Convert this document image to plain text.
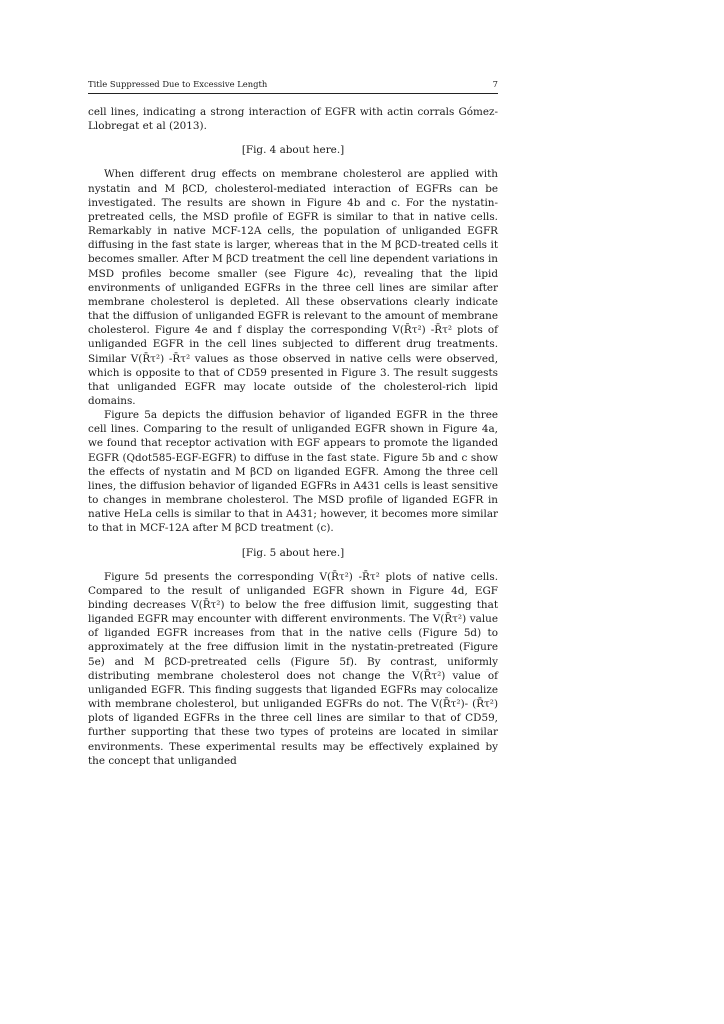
Title Suppressed Due to Excessive Length	7

cell lines, indicating a strong interaction of EGFR with actin corrals Gómez-Llobregat et al (2013).

[Fig. 4 about here.]

When different drug effects on membrane cholesterol are applied with nystatin and M βCD, cholesterol-mediated interaction of EGFRs can be investigated. The results are shown in Figure 4b and c. For the nystatin-pretreated cells, the MSD profile of EGFR is similar to that in native cells. Remarkably in native MCF-12A cells, the population of unliganded EGFR diffusing in the fast state is larger, whereas that in the M βCD-treated cells it becomes smaller. After M βCD treatment the cell line dependent variations in MSD profiles become smaller (see Figure 4c), revealing that the lipid environments of unliganded EGFRs in the three cell lines are similar after membrane cholesterol is depleted. All these observations clearly indicate that the diffusion of unliganded EGFR is relevant to the amount of membrane cholesterol. Figure 4e and f display the corresponding V(R̄τ²) -R̄τ² plots of unliganded EGFR in the cell lines subjected to different drug treatments. Similar V(R̄τ²) -R̄τ² values as those observed in native cells were observed, which is opposite to that of CD59 presented in Figure 3. The result suggests that unliganded EGFR may locate outside of the cholesterol-rich lipid domains.

Figure 5a depicts the diffusion behavior of liganded EGFR in the three cell lines. Comparing to the result of unliganded EGFR shown in Figure 4a, we found that receptor activation with EGF appears to promote the liganded EGFR (Qdot585-EGF-EGFR) to diffuse in the fast state. Figure 5b and c show the effects of nystatin and M βCD on liganded EGFR. Among the three cell lines, the diffusion behavior of liganded EGFRs in A431 cells is least sensitive to changes in membrane cholesterol. The MSD profile of liganded EGFR in native HeLa cells is similar to that in A431; however, it becomes more similar to that in MCF-12A after M βCD treatment (c).

[Fig. 5 about here.]

Figure 5d presents the corresponding V(R̄τ²) -R̄τ² plots of native cells. Compared to the result of unliganded EGFR shown in Figure 4d, EGF binding decreases V(R̄τ²) to below the free diffusion limit, suggesting that liganded EGFR may encounter with different environments. The V(R̄τ²) value of liganded EGFR increases from that in the native cells (Figure 5d) to approximately at the free diffusion limit in the nystatin-pretreated (Figure 5e) and M βCD-pretreated cells (Figure 5f). By contrast, uniformly distributing membrane cholesterol does not change the V(R̄τ²) value of unliganded EGFR. This finding suggests that liganded EGFRs may colocalize with membrane cholesterol, but unliganded EGFRs do not. The V(R̄τ²)- (R̄τ²) plots of liganded EGFRs in the three cell lines are similar to that of CD59, further supporting that these two types of proteins are located in similar environments. These experimental results may be effectively explained by the concept that unliganded
